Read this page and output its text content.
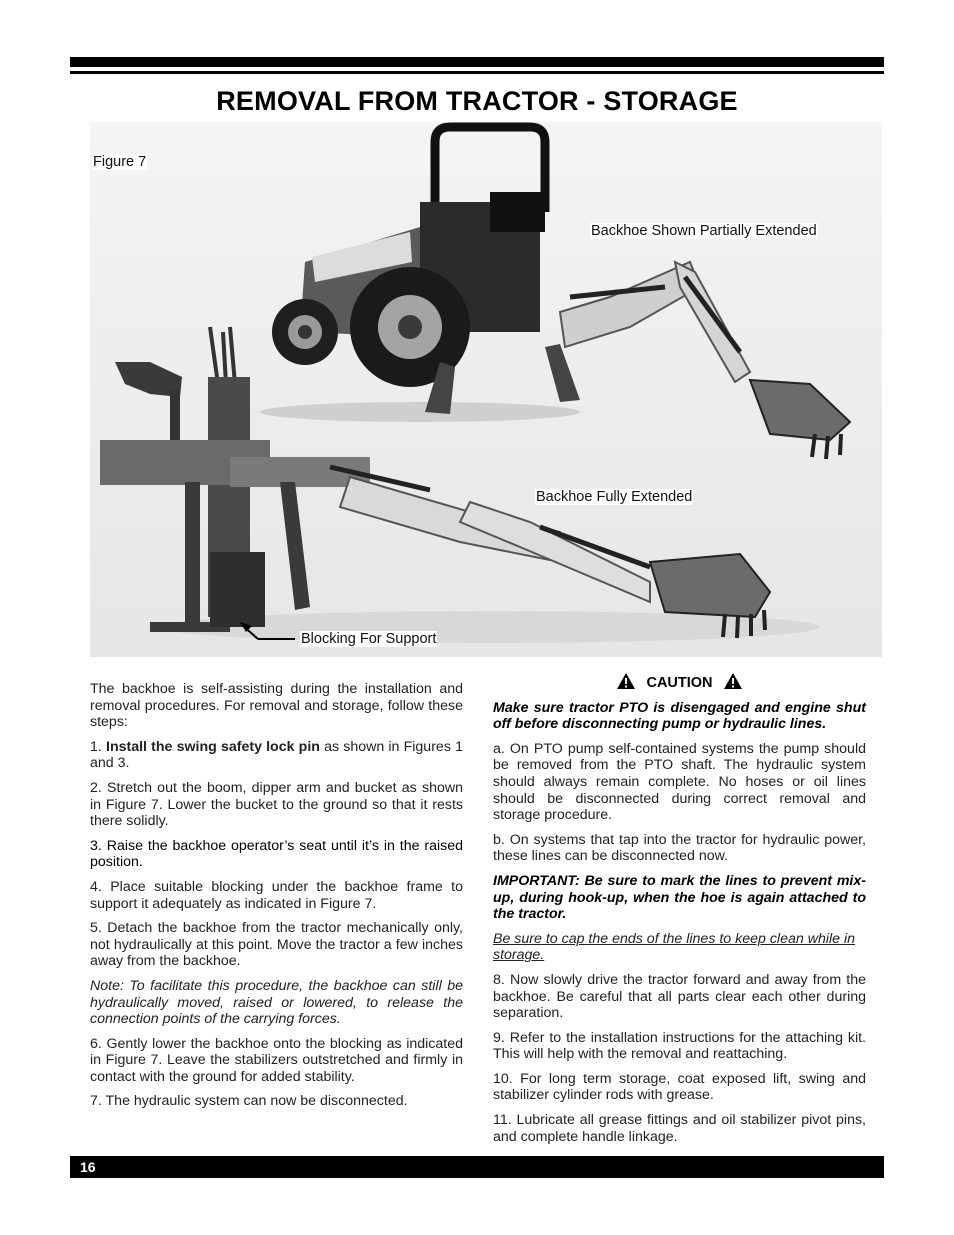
REMOVAL FROM TRACTOR - STORAGE
Figure 7
Backhoe Shown Partially Extended
Backhoe Fully Extended
Blocking For Support

The backhoe is self-assisting during the installation and removal procedures. For removal and storage, follow these steps:

1. Install the swing safety lock pin as shown in Figures 1 and 3.

2. Stretch out the boom, dipper arm and bucket as shown in Figure 7. Lower the bucket to the ground so that it rests there solidly.

3. Raise the backhoe operator’s seat until it’s in the raised position.

4. Place suitable blocking under the backhoe frame to support it adequately as indicated in Figure 7.

5. Detach the backhoe from the tractor mechanically only, not hydraulically at this point. Move the tractor a few inches away from the backhoe.

Note: To facilitate this procedure, the backhoe can still be hydraulically moved, raised or lowered, to release the connection points of the carrying forces.

6. Gently lower the backhoe onto the blocking as indicated in Figure 7. Leave the stabilizers outstretched and firmly in contact with the ground for added stability.

7. The hydraulic system can now be disconnected.

CAUTION

Make sure tractor PTO is disengaged and engine shut off before disconnecting pump or hydraulic lines.

a. On PTO pump self-contained systems the pump should be removed from the PTO shaft. The hydraulic system should always remain complete. No hoses or oil lines should be disconnected during correct removal and storage procedure.

b. On systems that tap into the tractor for hydraulic power, these lines can be disconnected now.

IMPORTANT: Be sure to mark the lines to prevent mix-up, during hook-up, when the hoe is again attached to the tractor.

Be sure to cap the ends of the lines to keep clean while in storage.

8. Now slowly drive the tractor forward and away from the backhoe. Be careful that all parts clear each other during separation.

9. Refer to the installation instructions for the attaching kit. This will help with the removal and reattaching.

10. For long term storage, coat exposed lift, swing and stabilizer cylinder rods with grease.

11. Lubricate all grease fittings and oil stabilizer pivot pins, and complete handle linkage.

16
